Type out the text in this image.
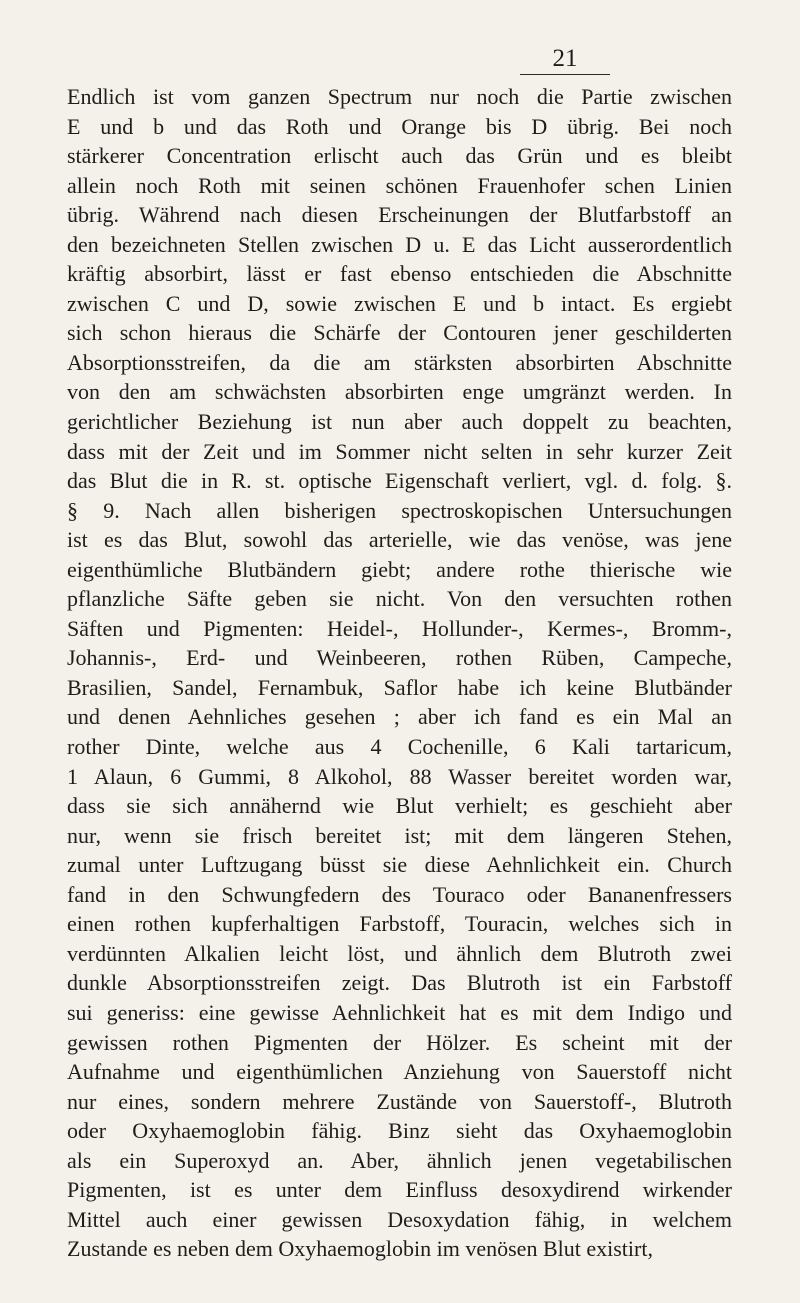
21
Endlich ist vom ganzen Spectrum nur noch die Partie zwischen
E und b und das Roth und Orange bis D übrig. Bei noch
stärkerer Concentration erlischt auch das Grün und es bleibt
allein noch Roth mit seinen schönen Frauenhofer schen Linien
übrig. Während nach diesen Erscheinungen der Blutfarbstoff an
den bezeichneten Stellen zwischen D u. E das Licht ausserordentlich
kräftig absorbirt, lässt er fast ebenso entschieden die Abschnitte
zwischen C und D, sowie zwischen E und b intact. Es ergiebt
sich schon hieraus die Schärfe der Contouren jener geschilderten
Absorptionsstreifen, da die am stärksten absorbirten Abschnitte
von den am schwächsten absorbirten enge umgränzt werden. In
gerichtlicher Beziehung ist nun aber auch doppelt zu beachten,
dass mit der Zeit und im Sommer nicht selten in sehr kurzer Zeit
das Blut die in R. st. optische Eigenschaft verliert, vgl. d. folg. §.
§ 9. Nach allen bisherigen spectroskopischen Untersuchungen
ist es das Blut, sowohl das arterielle, wie das venöse, was jene
eigenthümliche Blutbändern giebt; andere rothe thierische wie
pflanzliche Säfte geben sie nicht. Von den versuchten rothen
Säften und Pigmenten: Heidel-, Hollunder-, Kermes-, Bromm-,
Johannis-, Erd- und Weinbeeren, rothen Rüben, Campeche,
Brasilien, Sandel, Fernambuk, Saflor habe ich keine Blutbänder
und denen Aehnliches gesehen ; aber ich fand es ein Mal an
rother Dinte, welche aus 4 Cochenille, 6 Kali tartaricum,
1 Alaun, 6 Gummi, 8 Alkohol, 88 Wasser bereitet worden war,
dass sie sich annähernd wie Blut verhielt; es geschieht aber
nur, wenn sie frisch bereitet ist; mit dem längeren Stehen,
zumal unter Luftzugang büsst sie diese Aehnlichkeit ein. Church
fand in den Schwungfedern des Touraco oder Bananenfressers
einen rothen kupferhaltigen Farbstoff, Touracin, welches sich in
verdünnten Alkalien leicht löst, und ähnlich dem Blutroth zwei
dunkle Absorptionsstreifen zeigt. Das Blutroth ist ein Farbstoff
sui generiss: eine gewisse Aehnlichkeit hat es mit dem Indigo und
gewissen rothen Pigmenten der Hölzer. Es scheint mit der
Aufnahme und eigenthümlichen Anziehung von Sauerstoff nicht
nur eines, sondern mehrere Zustände von Sauerstoff-, Blutroth
oder Oxyhaemoglobin fähig. Binz sieht das Oxyhaemoglobin
als ein Superoxyd an. Aber, ähnlich jenen vegetabilischen
Pigmenten, ist es unter dem Einfluss desoxydirend wirkender
Mittel auch einer gewissen Desoxydation fähig, in welchem
Zustande es neben dem Oxyhaemoglobin im venösen Blut existirt,
